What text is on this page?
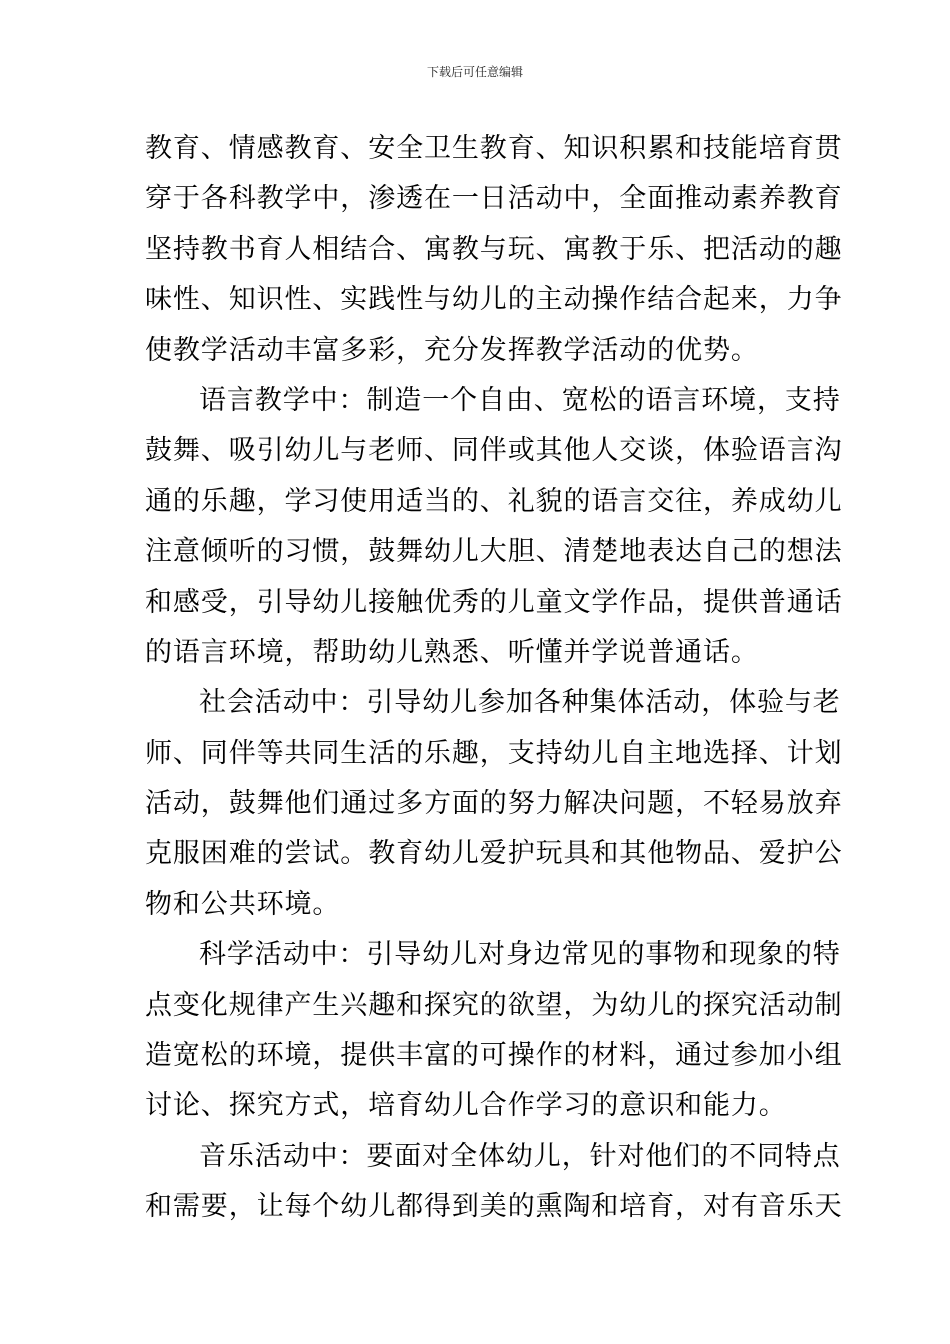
下载后可任意编辑
教育、情感教育、安全卫生教育、知识积累和技能培育贯
穿于各科教学中，渗透在一日活动中，全面推动素养教育
坚持教书育人相结合、寓教与玩、寓教于乐、把活动的趣
味性、知识性、实践性与幼儿的主动操作结合起来，力争
使教学活动丰富多彩，充分发挥教学活动的优势。
语言教学中：制造一个自由、宽松的语言环境，支持
鼓舞、吸引幼儿与老师、同伴或其他人交谈，体验语言沟
通的乐趣，学习使用适当的、礼貌的语言交往，养成幼儿
注意倾听的习惯，鼓舞幼儿大胆、清楚地表达自己的想法
和感受，引导幼儿接触优秀的儿童文学作品，提供普通话
的语言环境，帮助幼儿熟悉、听懂并学说普通话。
社会活动中：引导幼儿参加各种集体活动，体验与老
师、同伴等共同生活的乐趣，支持幼儿自主地选择、计划
活动，鼓舞他们通过多方面的努力解决问题，不轻易放弃
克服困难的尝试。教育幼儿爱护玩具和其他物品、爱护公
物和公共环境。
科学活动中：引导幼儿对身边常见的事物和现象的特
点变化规律产生兴趣和探究的欲望，为幼儿的探究活动制
造宽松的环境，提供丰富的可操作的材料，通过参加小组
讨论、探究方式，培育幼儿合作学习的意识和能力。
音乐活动中：要面对全体幼儿，针对他们的不同特点
和需要，让每个幼儿都得到美的熏陶和培育，对有音乐天
